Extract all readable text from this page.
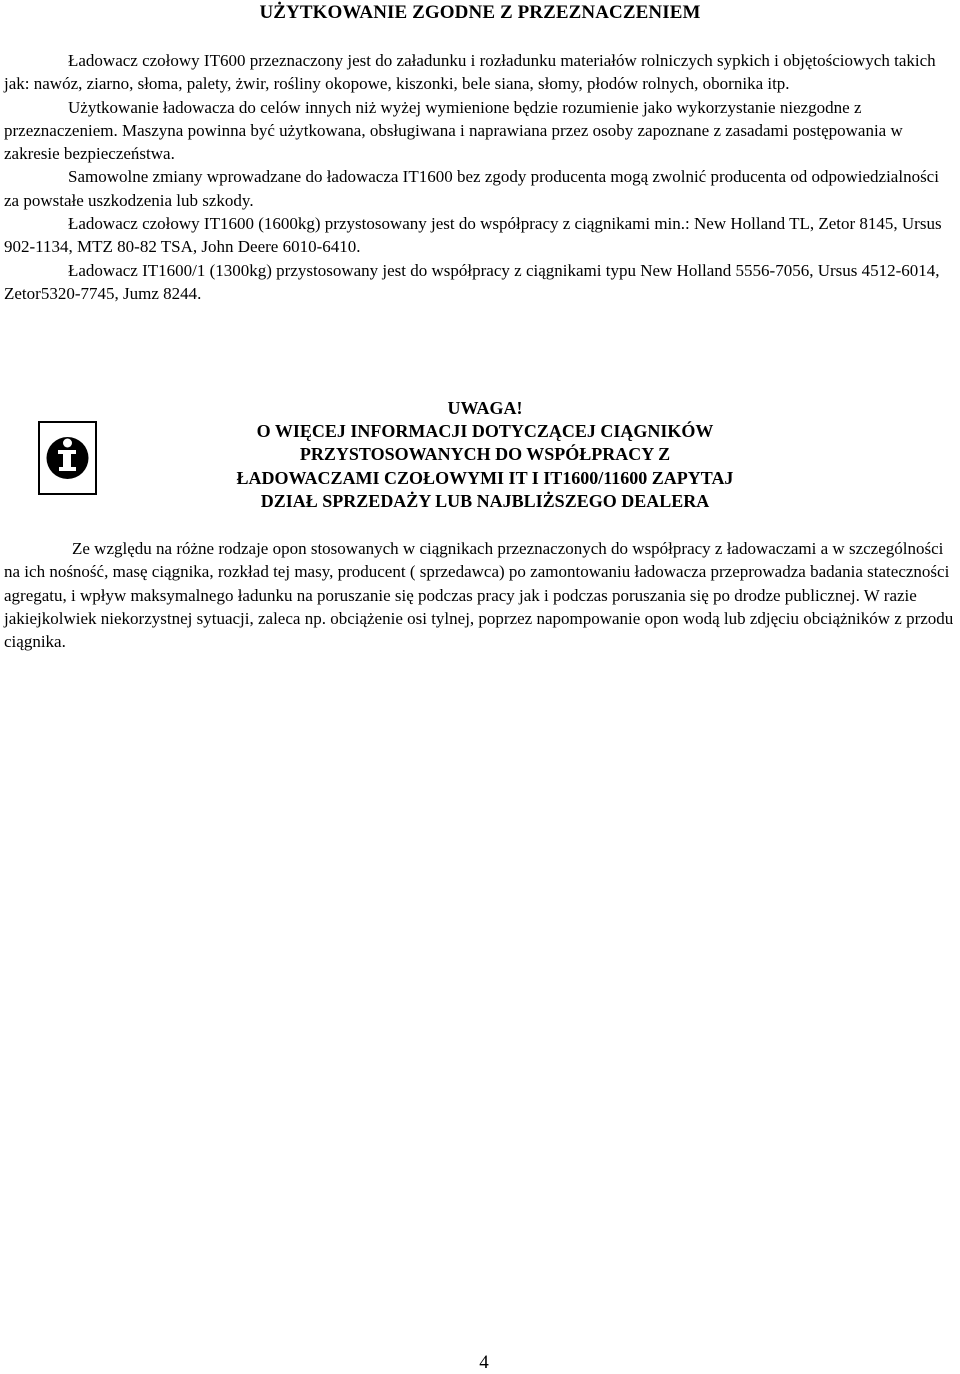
UŻYTKOWANIE ZGODNE Z PRZEZNACZENIEM

Ładowacz czołowy IT600 przeznaczony jest do załadunku i rozładunku materiałów rolniczych sypkich i objętościowych takich jak: nawóz, ziarno, słoma, palety, żwir, rośliny okopowe, kiszonki, bele siana, słomy, płodów rolnych, obornika itp.

Użytkowanie ładowacza do celów innych niż wyżej wymienione będzie rozumienie jako wykorzystanie niezgodne z przeznaczeniem. Maszyna powinna być użytkowana, obsługiwana i naprawiana przez osoby zapoznane z zasadami postępowania w zakresie bezpieczeństwa.

Samowolne zmiany wprowadzane do ładowacza IT1600 bez zgody producenta mogą zwolnić producenta od odpowiedzialności za powstałe uszkodzenia lub szkody.

Ładowacz czołowy IT1600 (1600kg) przystosowany jest do współpracy z ciągnikami min.: New Holland TL, Zetor 8145, Ursus 902-1134, MTZ 80-82 TSA, John Deere 6010-6410.

Ładowacz IT1600/1 (1300kg) przystosowany jest do współpracy z ciągnikami typu New Holland 5556-7056, Ursus 4512-6014, Zetor5320-7745, Jumz 8244.

UWAGA!
O WIĘCEJ INFORMACJI DOTYCZĄCEJ CIĄGNIKÓW
PRZYSTOSOWANYCH DO WSPÓŁPRACY Z
ŁADOWACZAMI CZOŁOWYMI IT I IT1600/11600 ZAPYTAJ
DZIAŁ SPRZEDAŻY LUB NAJBLIŻSZEGO DEALERA

Ze względu na różne rodzaje opon stosowanych w ciągnikach przeznaczonych do współpracy z ładowaczami a w szczególności na ich nośność, masę ciągnika, rozkład tej masy, producent ( sprzedawca) po zamontowaniu ładowacza przeprowadza badania stateczności agregatu, i wpływ maksymalnego ładunku na poruszanie się podczas pracy jak i podczas poruszania się po drodze publicznej. W razie jakiejkolwiek niekorzystnej sytuacji, zaleca np. obciążenie osi tylnej, poprzez napompowanie opon wodą lub zdjęciu obciążników z przodu ciągnika.

4
